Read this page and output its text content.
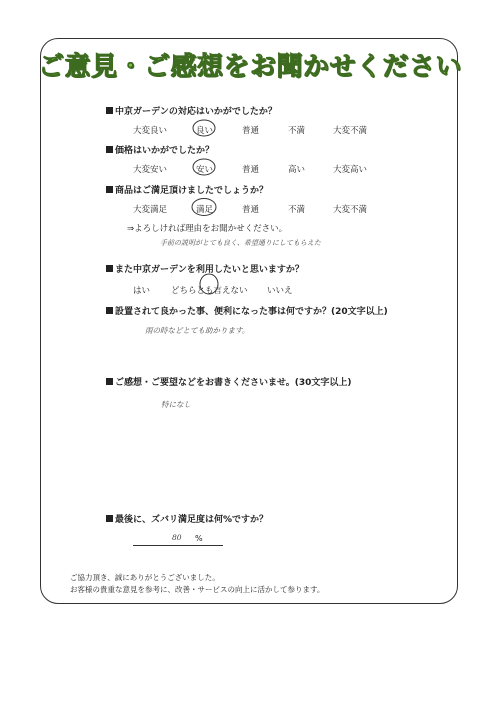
ご意見・ご感想をお聞かせください
中京ガーデンの対応はいかがでしたか？
大変良い	良い	普通	不満	大変不満
価格はいかがでしたか？
大変安い	安い	普通	高い	大変高い
商品はご満足頂けましたでしょうか？
大変満足	満足	普通	不満	大変不満
⇒よろしければ理由をお聞かせください。
手前の説明がとても良く、希望通りにしてもらえた
また中京ガーデンを利用したいと思いますか？
はい どちらとも言えない いいえ
設置されて良かった事、便利になった事は何ですか？(20文字以上)
雨の時などとても助かります。
ご感想・ご要望などをお書きくださいませ。(30文字以上)
特になし
最後に、ズバリ満足度は何%ですか？
80 %
ご協力頂き、誠にありがとうございました。
お客様の貴重な意見を参考に、改善・サービスの向上に活かして参ります。
